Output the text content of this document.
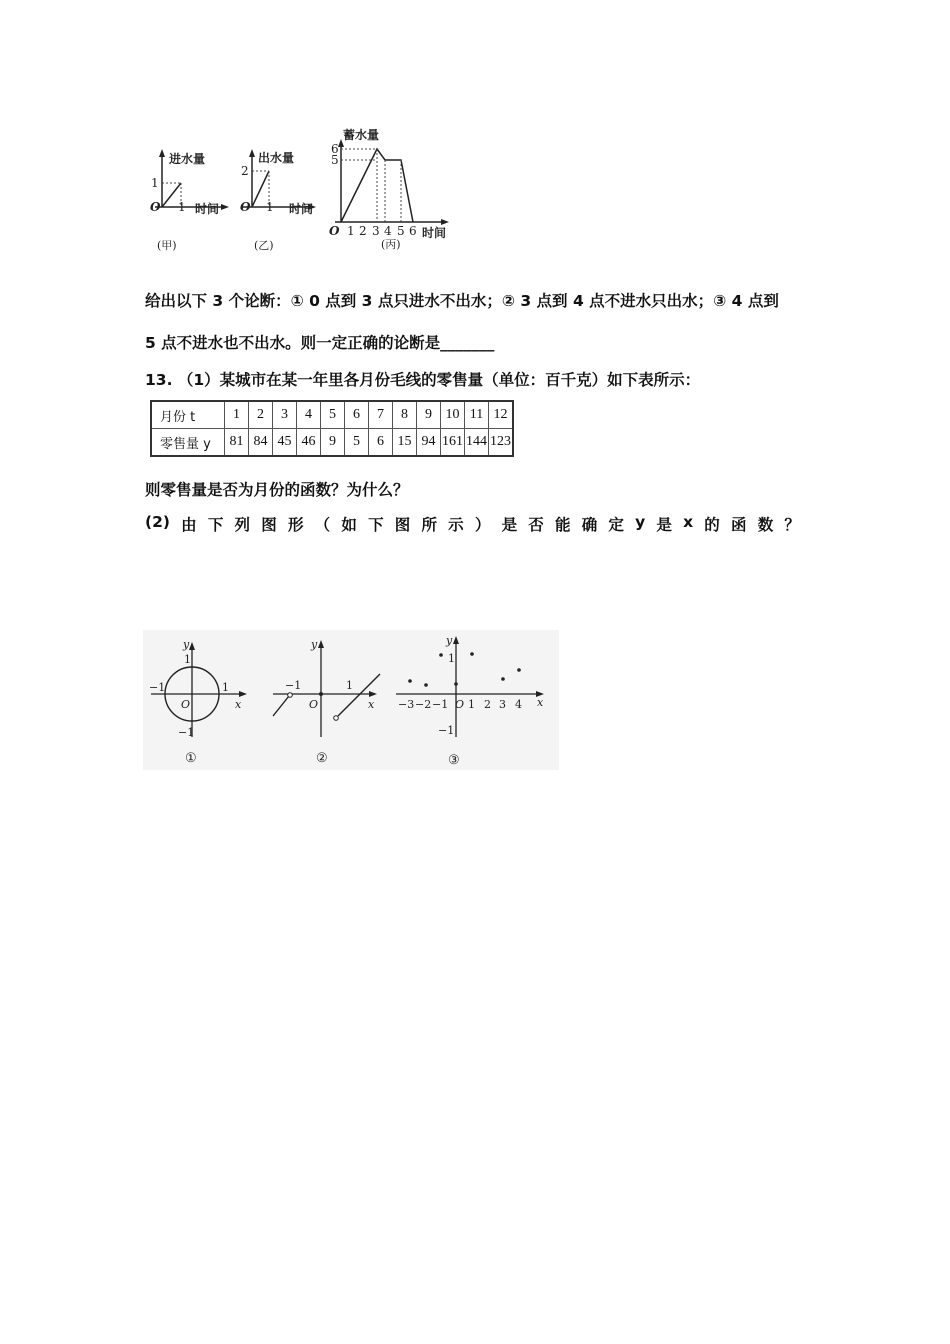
进水量
1
O 1 时间
(甲)
出水量
2
O 1 时间
(乙)
蓄水量
6
5
O 1 2 3 4 5 6 时间
(丙)
给出以下 3 个论断：① 0 点到 3 点只进水不出水；② 3 点到 4 点不进水只出水；③ 4 点到
5 点不进水也不出水。则一定正确的论断是_______
13. （1）某城市在某一年里各月份毛线的零售量（单位：百千克）如下表所示：
月份 t	1	2	3	4	5	6	7	8	9	10	11	12
零售量 y	81	84	45	46	9	5	6	15	94	161	144	123
则零售量是否为月份的函数？为什么？
(2) 由 下 列 图 形 （ 如 下 图 所 示 ） 是 否 能 确 定 y 是 x 的 函 数 ？
y
1
−1	1
−1
O	x
①
y
−1	1
O	x
②
y
1
−1
−3 −2 −1 O 1 2 3 4 x
③
